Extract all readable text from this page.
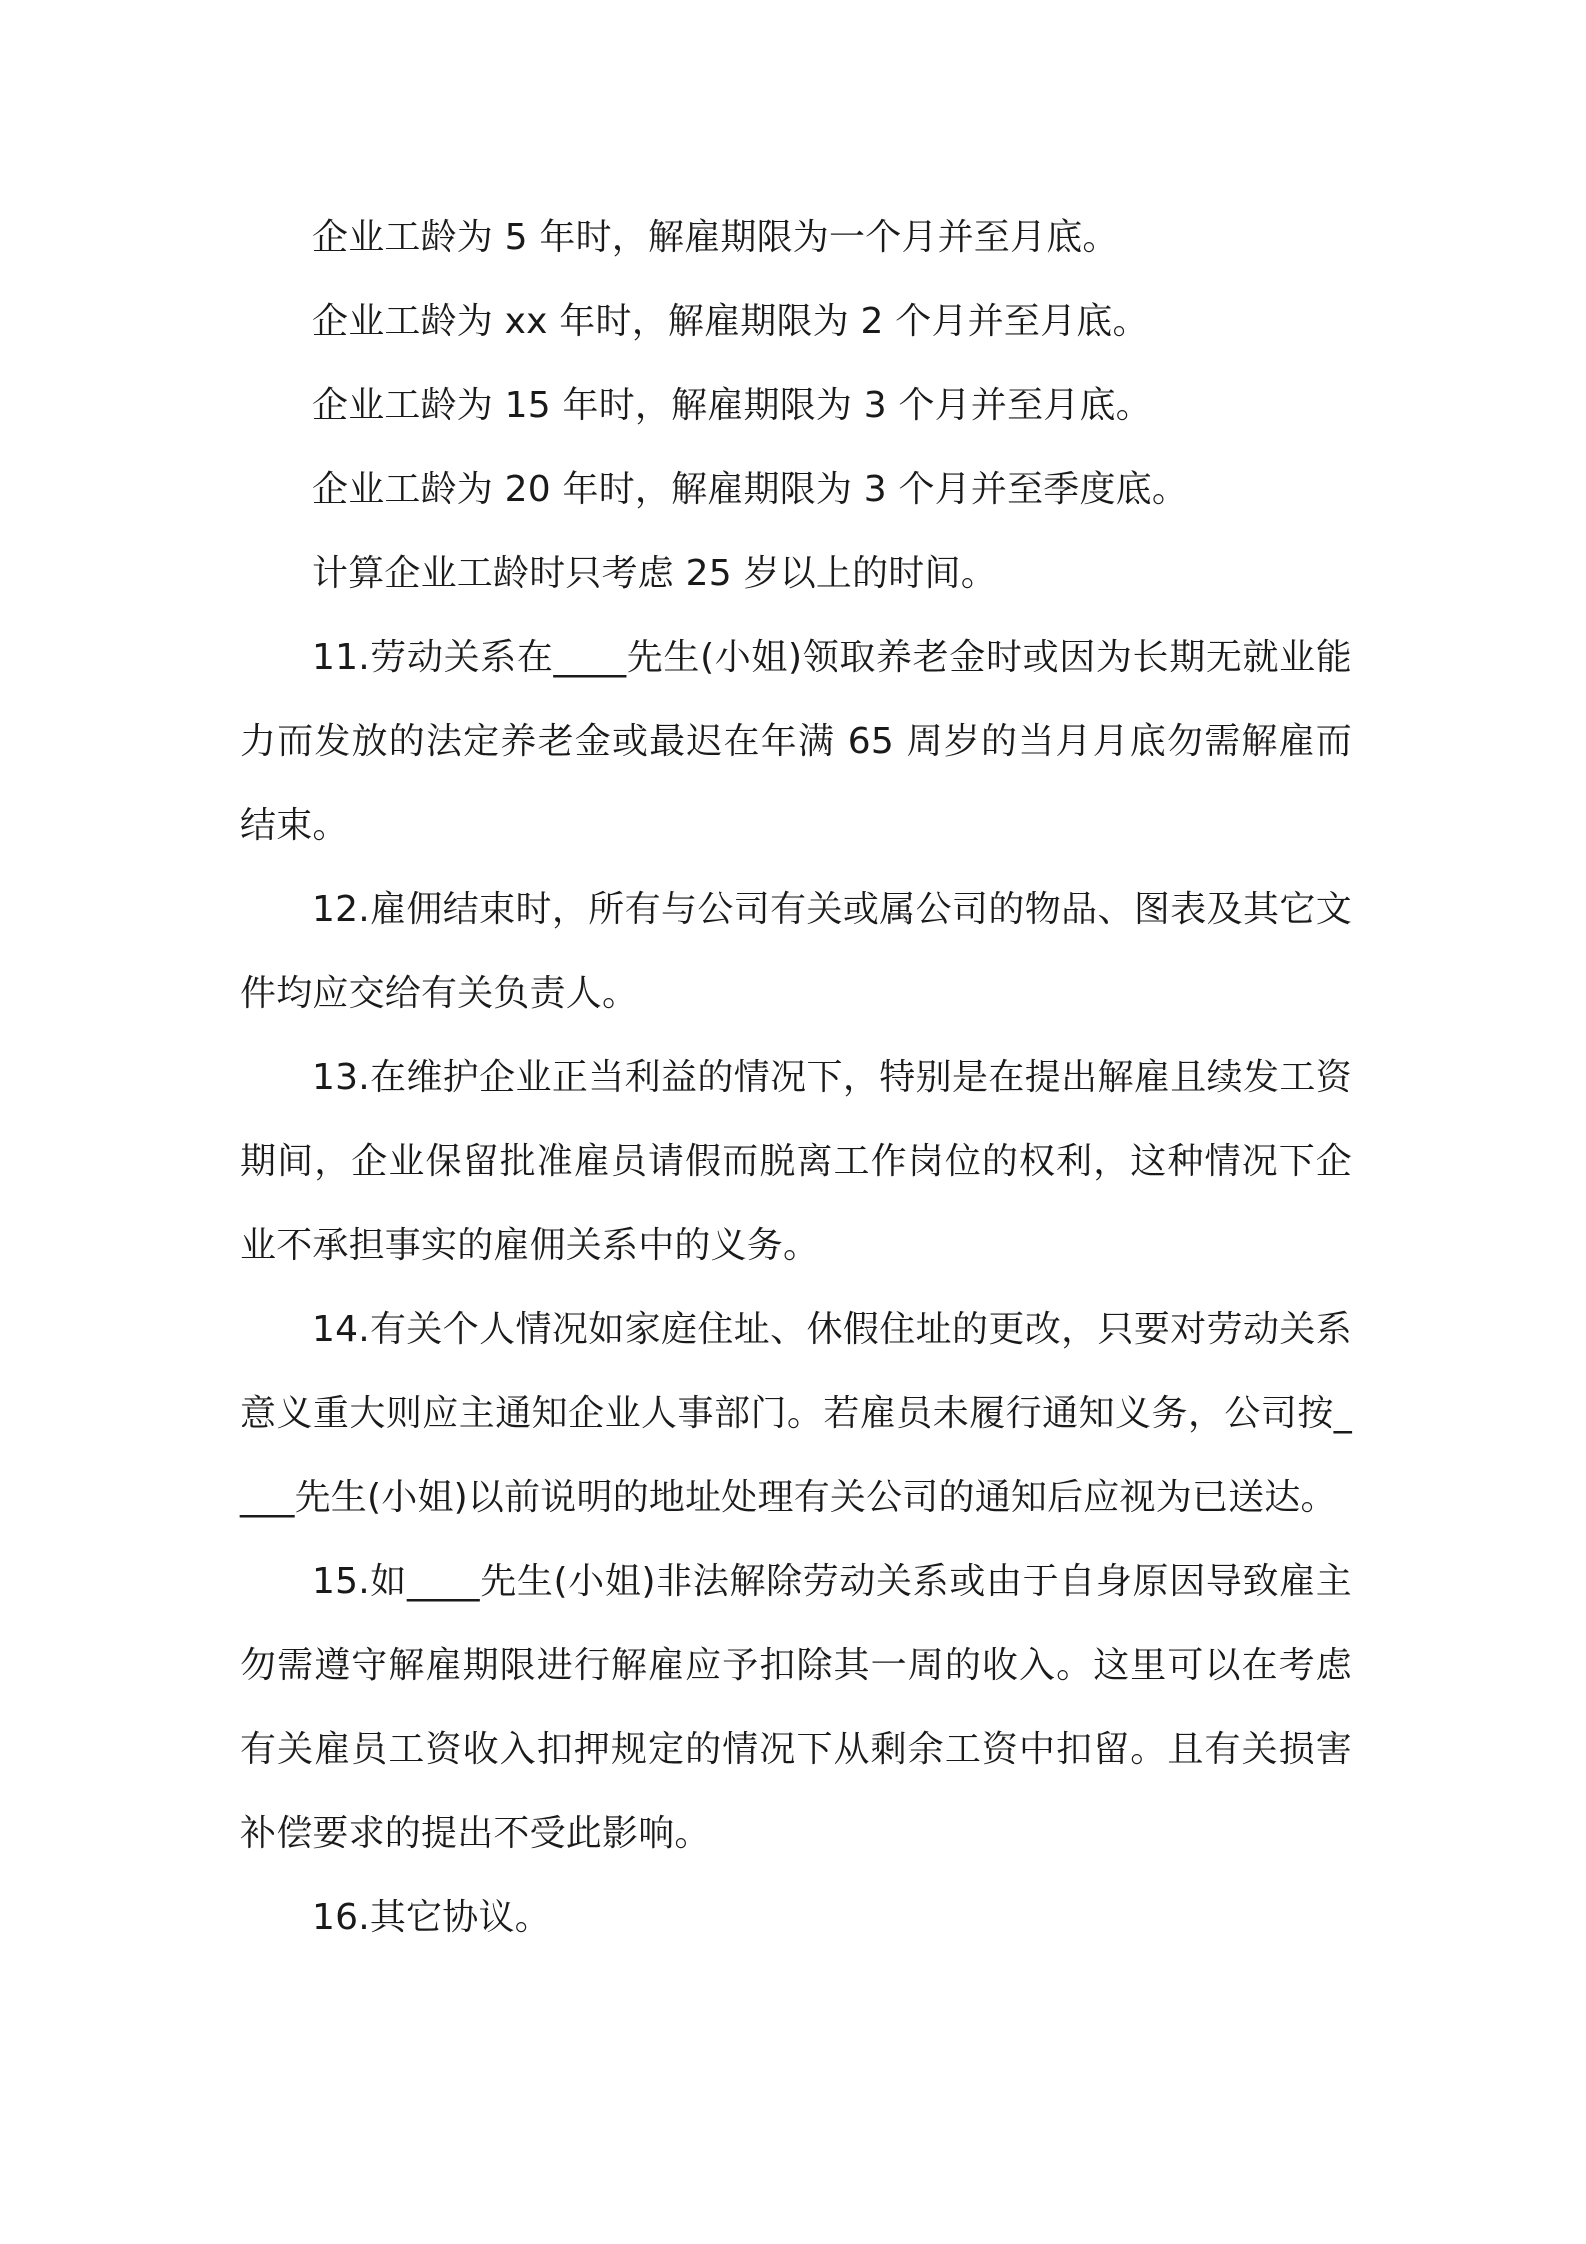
企业工龄为 5 年时，解雇期限为一个月并至月底。

企业工龄为 xx 年时，解雇期限为 2 个月并至月底。

企业工龄为 15 年时，解雇期限为 3 个月并至月底。

企业工龄为 20 年时，解雇期限为 3 个月并至季度底。

计算企业工龄时只考虑 25 岁以上的时间。

11.劳动关系在____先生(小姐)领取养老金时或因为长期无就业能力而发放的法定养老金或最迟在年满 65 周岁的当月月底勿需解雇而结束。

12.雇佣结束时，所有与公司有关或属公司的物品、图表及其它文件均应交给有关负责人。

13.在维护企业正当利益的情况下，特别是在提出解雇且续发工资期间，企业保留批准雇员请假而脱离工作岗位的权利，这种情况下企业不承担事实的雇佣关系中的义务。

14.有关个人情况如家庭住址、休假住址的更改，只要对劳动关系意义重大则应主通知企业人事部门。若雇员未履行通知义务，公司按____先生(小姐)以前说明的地址处理有关公司的通知后应视为已送达。

15.如____先生(小姐)非法解除劳动关系或由于自身原因导致雇主勿需遵守解雇期限进行解雇应予扣除其一周的收入。这里可以在考虑有关雇员工资收入扣押规定的情况下从剩余工资中扣留。且有关损害补偿要求的提出不受此影响。

16.其它协议。
